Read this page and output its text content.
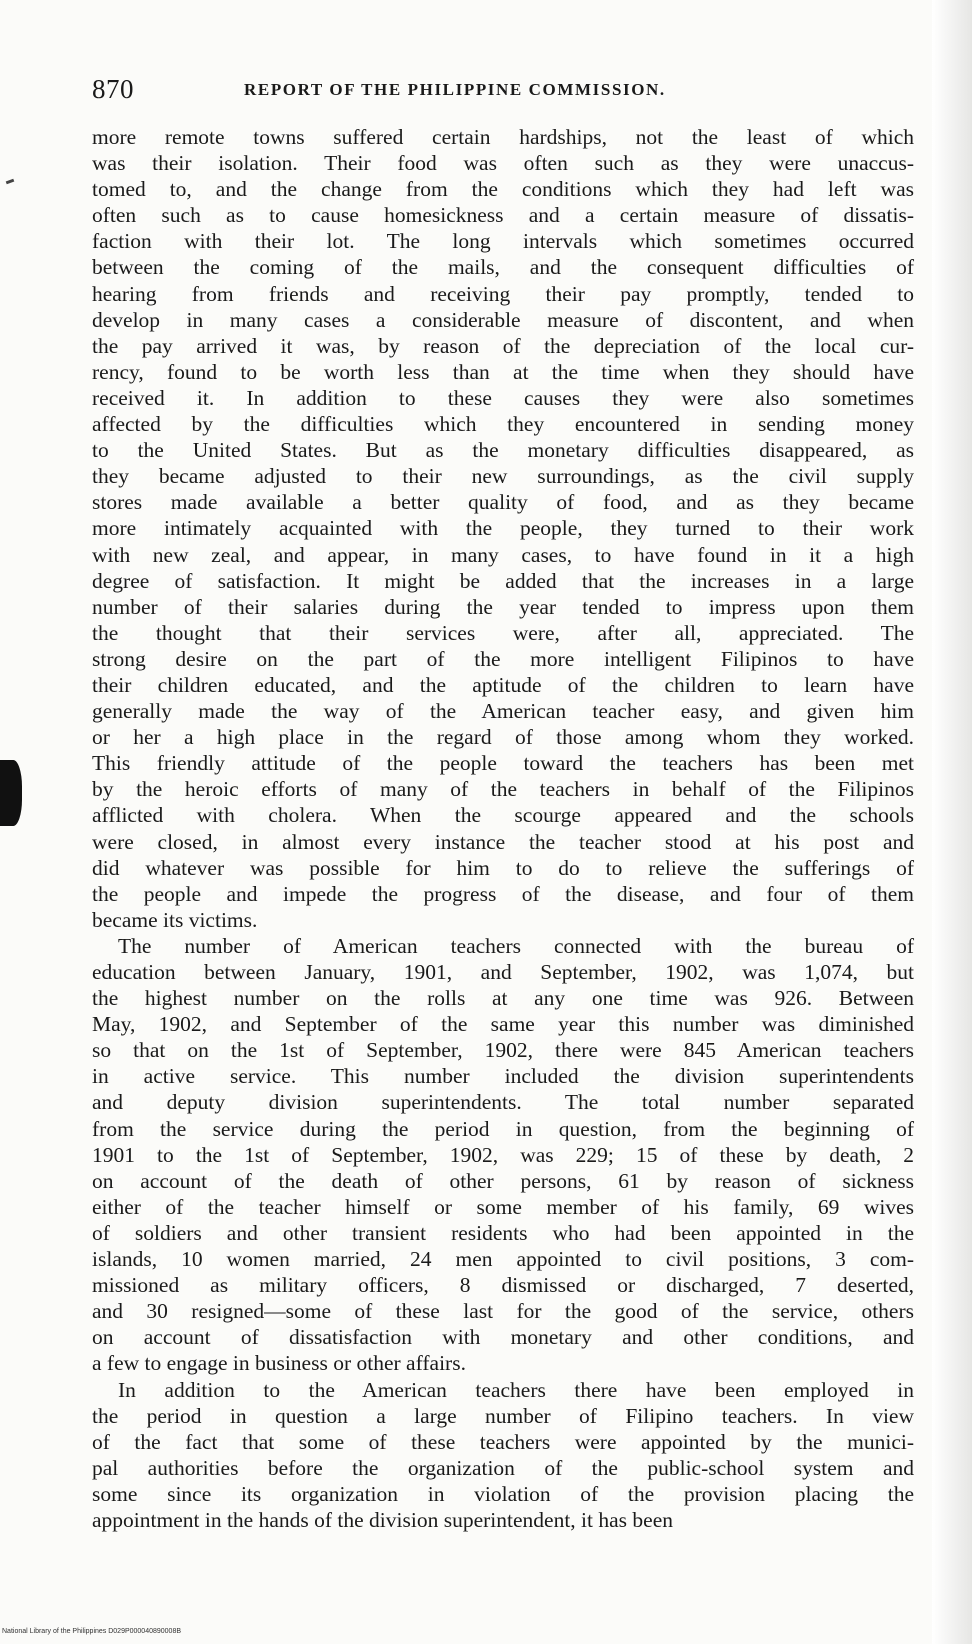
870	REPORT OF THE PHILIPPINE COMMISSION.
more remote towns suffered certain hardships, not the least of which
was their isolation. Their food was often such as they were unaccus-
tomed to, and the change from the conditions which they had left was
often such as to cause homesickness and a certain measure of dissatis-
faction with their lot. The long intervals which sometimes occurred
between the coming of the mails, and the consequent difficulties of
hearing from friends and receiving their pay promptly, tended to
develop in many cases a considerable measure of discontent, and when
the pay arrived it was, by reason of the depreciation of the local cur-
rency, found to be worth less than at the time when they should have
received it. In addition to these causes they were also sometimes
affected by the difficulties which they encountered in sending money
to the United States. But as the monetary difficulties disappeared, as
they became adjusted to their new surroundings, as the civil supply
stores made available a better quality of food, and as they became
more intimately acquainted with the people, they turned to their work
with new zeal, and appear, in many cases, to have found in it a high
degree of satisfaction. It might be added that the increases in a large
number of their salaries during the year tended to impress upon them
the thought that their services were, after all, appreciated. The
strong desire on the part of the more intelligent Filipinos to have
their children educated, and the aptitude of the children to learn have
generally made the way of the American teacher easy, and given him
or her a high place in the regard of those among whom they worked.
This friendly attitude of the people toward the teachers has been met
by the heroic efforts of many of the teachers in behalf of the Filipinos
afflicted with cholera. When the scourge appeared and the schools
were closed, in almost every instance the teacher stood at his post and
did whatever was possible for him to do to relieve the sufferings of
the people and impede the progress of the disease, and four of them
became its victims.
The number of American teachers connected with the bureau of
education between January, 1901, and September, 1902, was 1,074, but
the highest number on the rolls at any one time was 926. Between
May, 1902, and September of the same year this number was diminished
so that on the 1st of September, 1902, there were 845 American teachers
in active service. This number included the division superintendents
and deputy division superintendents. The total number separated
from the service during the period in question, from the beginning of
1901 to the 1st of September, 1902, was 229; 15 of these by death, 2
on account of the death of other persons, 61 by reason of sickness
either of the teacher himself or some member of his family, 69 wives
of soldiers and other transient residents who had been appointed in the
islands, 10 women married, 24 men appointed to civil positions, 3 com-
missioned as military officers, 8 dismissed or discharged, 7 deserted,
and 30 resigned—some of these last for the good of the service, others
on account of dissatisfaction with monetary and other conditions, and
a few to engage in business or other affairs.
In addition to the American teachers there have been employed in
the period in question a large number of Filipino teachers. In view
of the fact that some of these teachers were appointed by the munici-
pal authorities before the organization of the public-school system and
some since its organization in violation of the provision placing the
appointment in the hands of the division superintendent, it has been
National Library of the Philippines D029P000040890008B
